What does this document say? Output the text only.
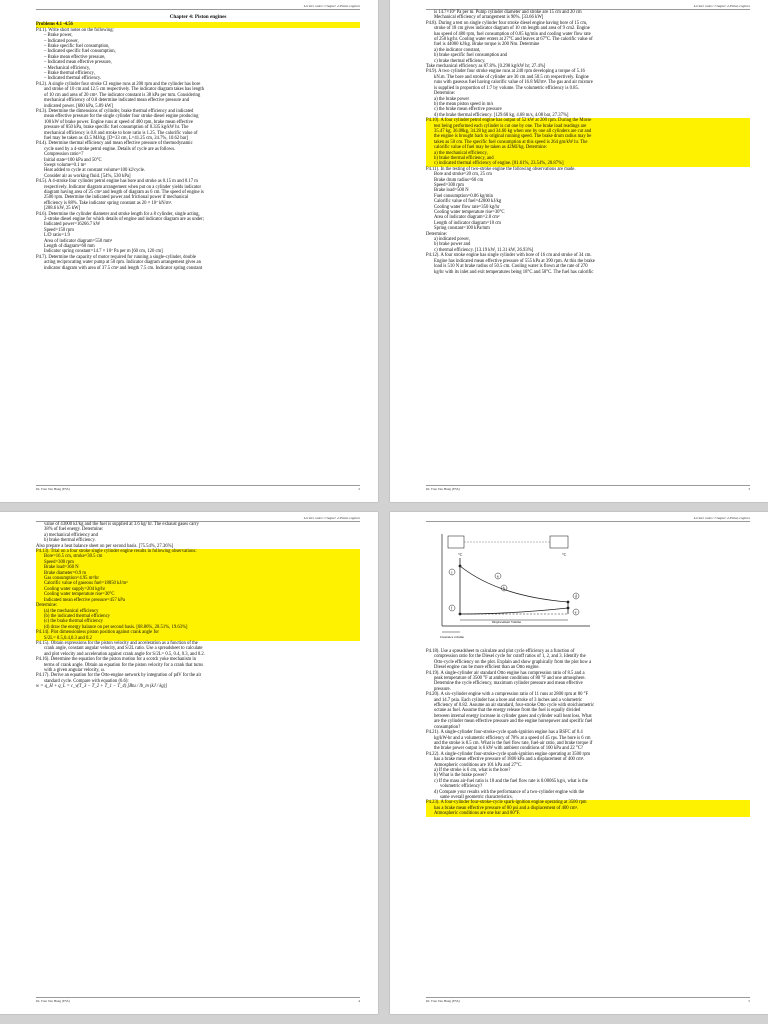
Lecture notes: Chapter 4 Piston engines
Chapter 4: Piston engines
Problems 4.1 -4.56
P4.1). Write short notes on the following:
– Brake power,
– Indicated power,
– Brake specific fuel consumption,
– Indicated specific fuel consumption,
– Brake mean effective pressure,
– Indicated mean effective pressure,
– Mechanical efficiency,
– Brake thermal efficiency,
– Indicated thermal efficiency.
P4.2). A single cylinder four stroke CI engine runs at 200 rpm and the cylinder has bore
and stroke of 10 cm and 12.5 cm respectively. The indicator diagram takes has length
of 10 cm and area of 20 cm². The indicator constant is 38 kPa per mm. Considering
mechanical efficiency of 0.8 determine indicated mean effective pressure and
indicated power. [600 kPa, 5.89 kW]
P4.3). Determine the dimensions of cylinder, brake thermal efficiency and indicated
mean effective pressure for the single cylinder four stroke diesel engine producing
100 kW of brake power. Engine runs at speed of 400 rpm, brake mean effective
pressure of 850 kPa, brake specific fuel consumption of 0.335 kg/kW hr. The
mechanical efficiency is 0.8 and stroke to bore ratio is 1.25. The calorific value of
fuel may be taken as 43.5 MJ/kg. [D=33 cm, L=41.25 cm, 24.7%, 10.62 bar]
P4.4). Determine thermal efficiency and mean effective pressure of thermodynamic
cycle used by a 4-stroke petrol engine. Details of cycle are as follows.
Compression ratio=7
Initial state=100 kPa and 50°C
Swept volume=0.1 m³
Heat added to cycle at constant volume=100 kJ/cycle.
Consider air as working fluid. [54%, 530 kPa]
P4.5). A 4-stroke four cylinder petrol engine has bore and stroke as 0.15 m and 0.17 m
respectively. Indicator diagram arrangement when put on a cylinder yields indicator
diagram having area of 25 cm² and length of diagram as 6 cm. The speed of engine is
2500 rpm. Determine the indicated power and frictional power if mechanical
efficiency is 88%. Take indicator spring constant as 20 × 10⁷ kN/m³.
[208.6 kW, 25 kW]
P4.6). Determine the cylinder diameter and stroke length for a 8 cylinder, single acting,
2-stroke diesel engine for which details of engine and indicator diagram are as under;
Indicated power=16266.7 kW
Speed=150 rpm
L/D ratio=1.9
Area of indicator diagram=550 mm²
Length of diagram=60 mm
Indicator spring constant=14.7 × 10⁷ Pa per m [60 cm, 120 cm]
P4.7). Determine the capacity of motor required for running a single-cylinder, double
acting reciprocating water pump at 50 rpm. Indicator diagram arrangement gives an
indicator diagram with area of 37.5 cm² and length 7.5 cm. Indicator spring constant
Dr. Tran Van Hung (ESS)	2
Lecture notes: Chapter 4 Piston engines
is 14.7×10⁷ Pa per m. Pump cylinder diameter and stroke are 15 cm and 20 cm
Mechanical efficiency of arrangement is 90%. [33.66 kW]
P4.8). During a test on single cylinder four stroke diesel engine having bore of 15 cm,
stroke of 18 cm gives indicator diagram of 10 cm length and area of 9 cm2. Engine
has speed of 480 rpm, fuel consumption of 0.05 kg/min and cooling water flow rate
of 250 kg/hr. Cooling water enters at 27°C and leaves at 67°C. The calorific value of
fuel is 44000 kJ/kg. Brake torque is 200 Nm. Determine
a) the indicator constant,
b) brake specific fuel consumption and
c) brake thermal efficiency.
Take mechanical efficiency as 87.8%. [0.298 kg/kW hr; 27.4%]
P4.9). A two cylinder four stroke engine runs at 240 rpm developing a torque of 5.16
kN.m. The bore and stroke of cylinder are 30 cm and 50.5 cm respectively. Engine
runs with gaseous fuel having calorific value of 16.8 MJ/m³. The gas and air mixture
is supplied in proportion of 1:7 by volume. The volumetric efficiency is 0.85.
Determine:
a) the brake power
b) the mean piston speed in m/s
c) the brake mean effective pressure
d) the brake thermal efficiency. [129.68 kg, 4.68 m/s, 4.08 bar, 27.37%]
P4.10). A four cylinder petrol engine has output of 52 kW at 200 rpm. During the Morse
test being performed each cylinder is cut one by one. The brake load readings are
35.47 kg, 36.08kg, 34.28 kg and 34.66 kg when one by one all cylinders are cut and
the engine is brought back to original running speed. The brake drum radius may be
taken as 50 cm. The specific fuel consumption at this speed is 264 gm/kW hr. The
calorific value of fuel may be taken as 42MJ/kg. Determine:
a) the mechanical efficiency,
b) brake thermal efficiency, and
c) indicated thermal efficiency of engine. [81.61%, 23.54%, 28.87%]
P4.11). In the testing of two-stroke engine the following observations are made.
Bore and stroke=20 cm, 25 cm
Brake drum radius=60 cm
Speed=300 rpm
Brake load=500 N
Fuel consumption=0.06 kg/min
Calorific value of fuel=42000 kJ/kg
Cooling water flow rate=350 kg/hr
Cooling water temperature rise=30°C
Area of indicator diagram=2.8 cm²
Length of indicator diagram=10 cm
Spring constant=100 kPa/mm
Determine:
a) indicated power,
b) brake power and
c) thermal efficiency. [13.19 kW, 11.31 kW, 26.93%]
P4.12). A four stroke engine has single cylinder with bore of 16 cm and stroke of 34 cm.
Engine has indicated mean effective pressure of 555 kPa at 390 rpm. At this the brake
load is 510 N at brake radius of 50.5 cm. Cooling water is flown at the rate of 270
kg/hr with its inlet and exit temperatures being 18°C and 58°C. The fuel has calorific
Dr. Tran Van Hung (ESS)	3
Lecture notes: Chapter 4 Piston engines
value of 43000 kJ/kg and the fuel is supplied at 3.6 kg/ hr. The exhaust gases carry
38% of fuel energy. Determine:
a) mechanical efficiency and
b) brake thermal efficiency.
Also prepare a heat balance sheet on per second basis. [75.54%, 27.36%]
P4.13). Trial on a four stroke single cylinder engine results in following observations:
Bore=16.5 cm, stroke=30.5 cm
Speed=300 rpm
Brake load=360 N
Brake diameter=0.9 m
Gas consumption=4.95 m³/hr
Calorific value of gaseous fuel=18850 kJ/m³
Cooling water supply=204 kg/hr
Cooling water temperature rise=30°C
Indicated mean effective pressure=457 kPa
Determine:
(a) the mechanical efficiency
(b) the indicated thermal efficiency
(c) the brake thermal efficiency
(d) draw the energy balance on per second basis. [68.86%, 28.51%, 19.63%]
P4.14). Plot dimensionless piston position against crank angle for
S/2L= 0.5,0.4,0.3 and 0.2
P4.15). Obtain expressions for the piston velocity and acceleration as a function of the
crank angle, constant angular velocity, and S/2L ratio. Use a spreadsheet to calculate
and plot velocity and acceleration against crank angle for S/2L= 0.5, 0.4, 0.3, and 0.2.
P4.16). Determine the equation for the piston motion for a scotch yoke mechanism in
terms of crank angle. Obtain an equation for the piston velocity for a crank that turns
with a given angular velocity, ω.
P4.17). Derive an equation for the Otto-engine network by integration of pdV for the air
standard cycle. Compare with equation (6.6):
w = q_H + q_L = c_v(T_3 − T_2 + T_1 − T_4) [Btu / lb_m (kJ / kg)]
Dr. Tran Van Hung (ESS)	4
Lecture notes: Chapter 4 Piston engines
°C	°C
a
b
c
d
e
f
Displacement Volume
Clearance volume
P4.18). Use a spreadsheet to calculate and plot cycle efficiency as a function of
compression ratio for the Diesel cycle for cutoff ratios of 1, 2, and 3. Identify the
Otto-cycle efficiency on the plot. Explain and show graphically from the plot how a
Diesel engine can be more efficient than an Otto engine.
P4.19). A single-cylinder air standard Otto engine has compression ratio of 8.5 and a
peak temperature of 3500 °F at ambient conditions of 80 °F and one atmosphere.
Determine the cycle efficiency, maximum cylinder pressure and mean effective
pressure.
P4.20). A six-cylinder engine with a compression ratio of 11 runs at 2800 rpm at 80 °F
and 14.7 psia. Each cylinder has a bore and stroke of 3 inches and a volumetric
efficiency of 0.82. Assume an air standard, four-stroke Otto cycle with stoichiometric
octane as fuel. Assume that the energy release from the fuel is equally divided
between internal energy increase in cylinder gases and cylinder wall heat loss. What
are the cylinder mean effective pressure and the engine horsepower and specific fuel
consumption?
P4.21). A single-cylinder four-stroke-cycle spark-ignition engine has a BSFC of 0.4
kg/kW-hr and a volumetric efficiency of 78% at a speed of 45 rps. The bore is 6 cm
and the stroke is 8.5 cm. What is the fuel flow rate, fuel-air ratio, and brake torque if
the brake power output is 6 kW with ambient conditions of 100 kPa and 22 °C?
P4.22). A single-cylinder four-stroke-cycle spark-ignition engine operating at 3500 rpm
has a brake mean effective pressure of 1800 kPa and a displacement of 400 cm³.
Atmospheric conditions are 101 kPa and 27°C.
a) If the stroke is 6 cm, what is the bore?
b) What is the brake power?
c) If the mass air-fuel ratio is 18 and the fuel flow rate is 0.00065 kg/s, what is the
volumetric efficiency?
d) Compare your results with the performance of a two-cylinder engine with the
same overall geometric characteristics.
P4.23). A four-cylinder four-stroke-cycle spark-ignition engine operating at 3500 rpm
has a brake mean effective pressure of 80 psi and a displacement of 400 cm³.
Atmospheric conditions are one bar and 80°F.
Dr. Tran Van Hung (ESS)	5
